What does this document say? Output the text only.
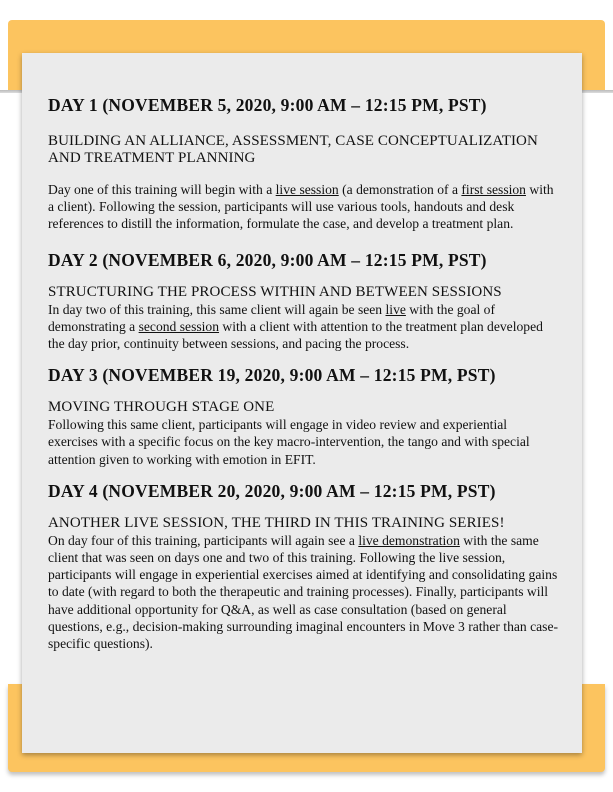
DAY 1 (NOVEMBER 5, 2020, 9:00 AM – 12:15 PM, PST)

BUILDING AN ALLIANCE, ASSESSMENT, CASE CONCEPTUALIZATION AND TREATMENT PLANNING

Day one of this training will begin with a live session (a demonstration of a first session with a client). Following the session, participants will use various tools, handouts and desk references to distill the information, formulate the case, and develop a treatment plan.

DAY 2 (NOVEMBER 6, 2020, 9:00 AM – 12:15 PM, PST)

STRUCTURING THE PROCESS WITHIN AND BETWEEN SESSIONS

In day two of this training, this same client will again be seen live with the goal of demonstrating a second session with a client with attention to the treatment plan developed the day prior, continuity between sessions, and pacing the process.

DAY 3 (NOVEMBER 19, 2020, 9:00 AM – 12:15 PM, PST)

MOVING THROUGH STAGE ONE

Following this same client, participants will engage in video review and experiential exercises with a specific focus on the key macro-intervention, the tango and with special attention given to working with emotion in EFIT.

DAY 4 (NOVEMBER 20, 2020, 9:00 AM – 12:15 PM, PST)

ANOTHER LIVE SESSION, THE THIRD IN THIS TRAINING SERIES!

On day four of this training, participants will again see a live demonstration with the same client that was seen on days one and two of this training. Following the live session, participants will engage in experiential exercises aimed at identifying and consolidating gains to date (with regard to both the therapeutic and training processes). Finally, participants will have additional opportunity for Q&A, as well as case consultation (based on general questions, e.g., decision-making surrounding imaginal encounters in Move 3 rather than case-specific questions).
